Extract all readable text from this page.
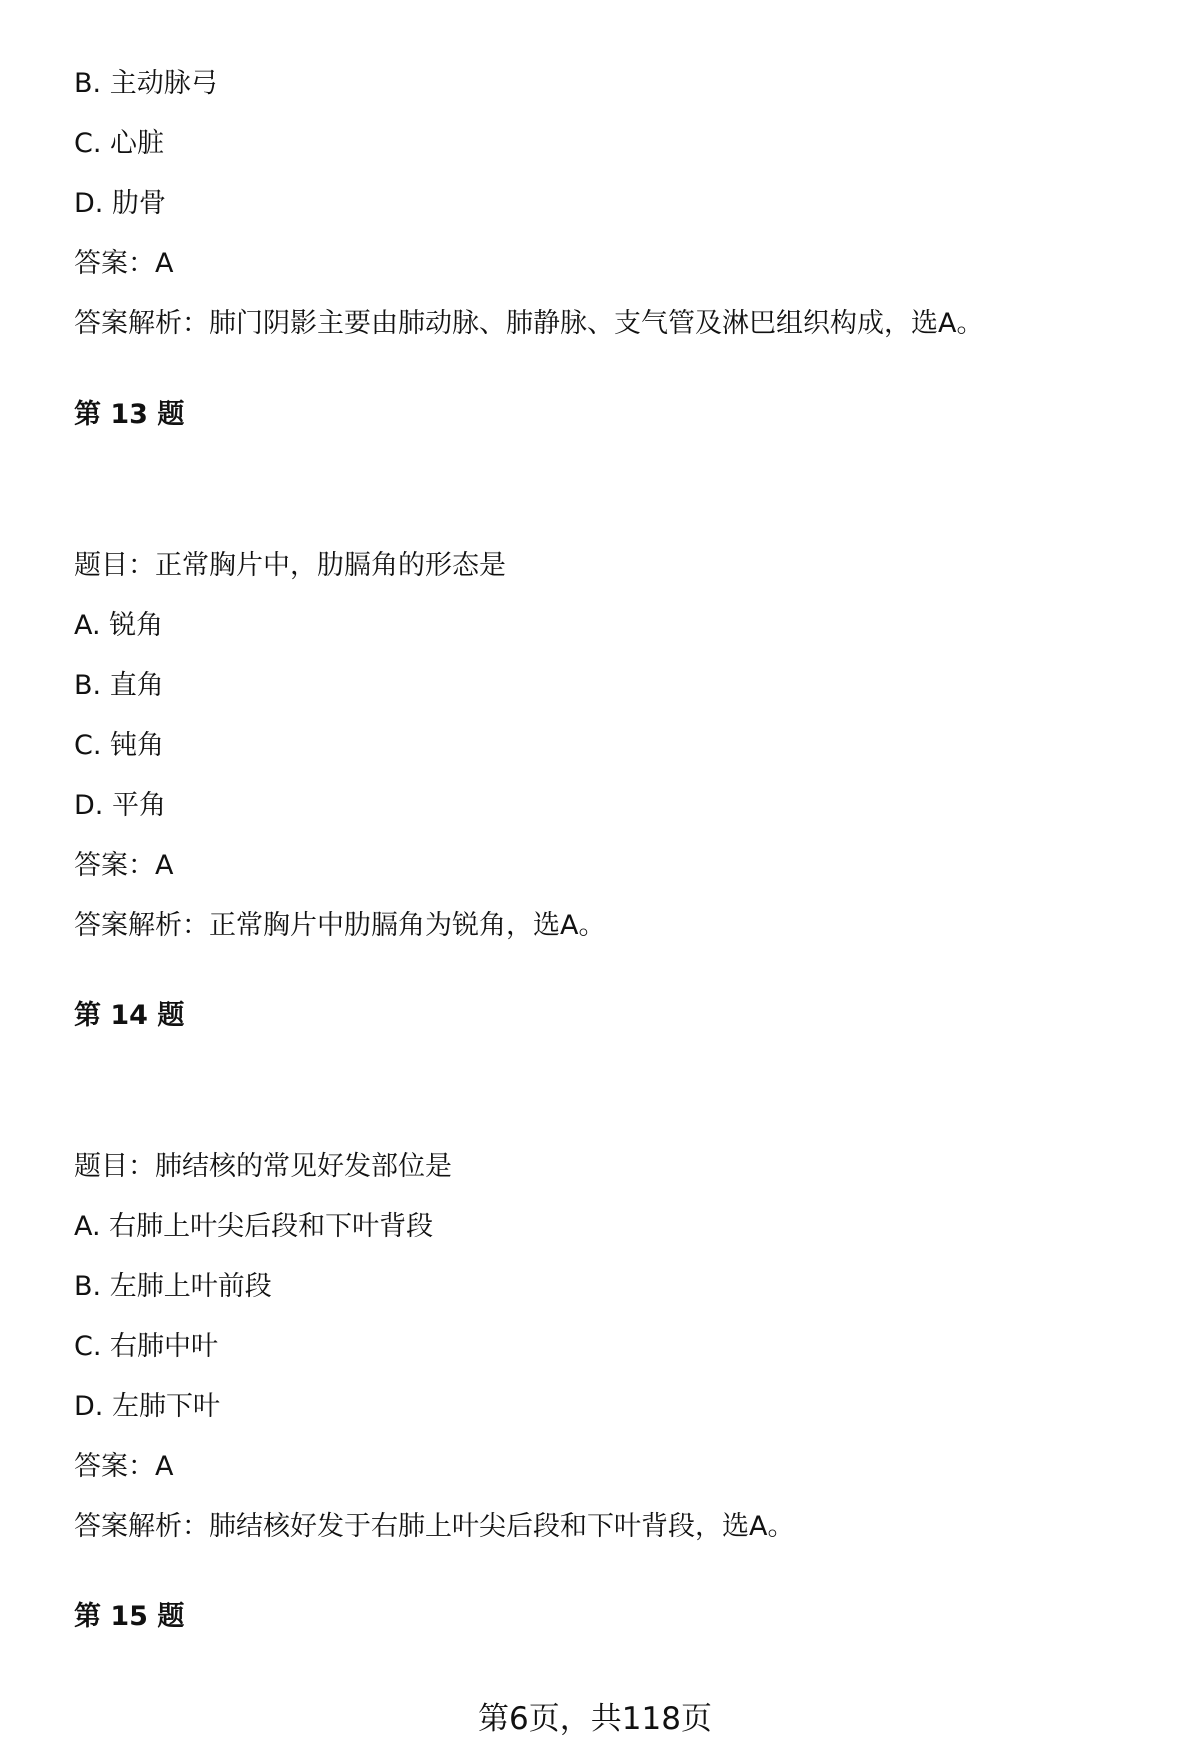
B. 主动脉弓
C. 心脏
D. 肋骨
答案：A
答案解析：肺门阴影主要由肺动脉、肺静脉、支气管及淋巴组织构成，选A。
第 13 题
题目：正常胸片中，肋膈角的形态是
A. 锐角
B. 直角
C. 钝角
D. 平角
答案：A
答案解析：正常胸片中肋膈角为锐角，选A。
第 14 题
题目：肺结核的常见好发部位是
A. 右肺上叶尖后段和下叶背段
B. 左肺上叶前段
C. 右肺中叶
D. 左肺下叶
答案：A
答案解析：肺结核好发于右肺上叶尖后段和下叶背段，选A。
第 15 题
第6页，共118页
